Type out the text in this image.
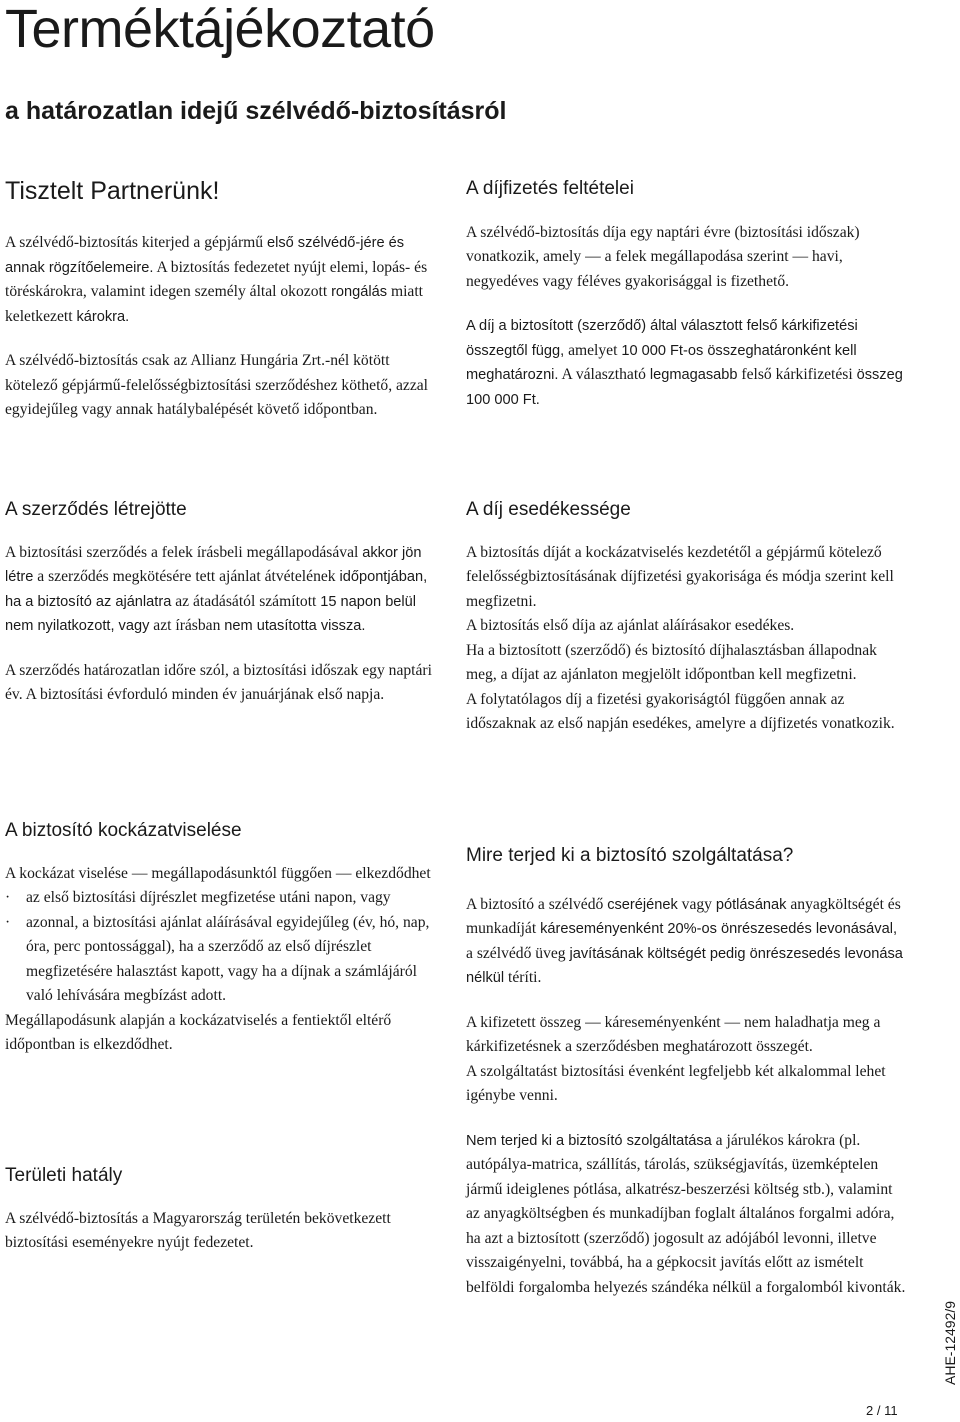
Terméktájékoztató
a határozatlan idejű szélvédő-biztosításról
Tisztelt Partnerünk!

A szélvédő-biztosítás kiterjed a gépjármű első szélvédő-jére és annak rögzítőelemeire. A biztosítás fedezetet nyújt elemi, lopás- és töréskárokra, valamint idegen személy által okozott rongálás miatt keletkezett károkra.

A szélvédő-biztosítás csak az Allianz Hungária Zrt.-nél kötött kötelező gépjármű-felelősségbiztosítási szerződéshez köthető, azzal egyidejűleg vagy annak hatálybalépését követő időpontban.

A szerződés létrejötte

A biztosítási szerződés a felek írásbeli megállapodásával akkor jön létre a szerződés megkötésére tett ajánlat átvételének időpontjában, ha a biztosító az ajánlatra az átadásától számított 15 napon belül nem nyilatkozott, vagy azt írásban nem utasította vissza.

A szerződés határozatlan időre szól, a biztosítási időszak egy naptári év. A biztosítási évforduló minden év januárjának első napja.

A biztosító kockázatviselése

A kockázat viselése — megállapodásunktól függően — elkezdődhet

· az első biztosítási díjrészlet megfizetése utáni napon, vagy
· azonnal, a biztosítási ajánlat aláírásával egyidejűleg (év, hó, nap, óra, perc pontossággal), ha a szerződő az első díjrészlet megfizetésére halasztást kapott, vagy ha a díjnak a számlájáról való lehívására megbízást adott.

Megállapodásunk alapján a kockázatviselés a fentiektől eltérő időpontban is elkezdődhet.

Területi hatály

A szélvédő-biztosítás a Magyarország területén bekövetkezett biztosítási eseményekre nyújt fedezetet.

A díjfizetés feltételei

A szélvédő-biztosítás díja egy naptári évre (biztosítási időszak) vonatkozik, amely — a felek megállapodása szerint — havi, negyedéves vagy féléves gyakorisággal is fizethető.

A díj a biztosított (szerződő) által választott felső kárkifizetési összegtől függ, amelyet 10 000 Ft-os összeghatáronként kell meghatározni. A választható legmagasabb felső kárkifizetési összeg 100 000 Ft.

A díj esedékessége

A biztosítás díját a kockázatviselés kezdetétől a gépjármű kötelező felelősségbiztosításának díjfizetési gyakorisága és módja szerint kell megfizetni.

A biztosítás első díja az ajánlat aláírásakor esedékes.

Ha a biztosított (szerződő) és biztosító díjhalasztásban állapodnak meg, a díjat az ajánlaton megjelölt időpontban kell megfizetni.

A folytatólagos díj a fizetési gyakoriságtól függően annak az időszaknak az első napján esedékes, amelyre a díjfizetés vonatkozik.

Mire terjed ki a biztosító szolgáltatása?

A biztosító a szélvédő cseréjének vagy pótlásának anyagköltségét és munkadíját káreseményenként 20%-os önrészesedés levonásával, a szélvédő üveg javításának költségét pedig önrészesedés levonása nélkül téríti.

A kifizetett összeg — káreseményenként — nem haladhatja meg a kárkifizetésnek a szerződésben meghatározott összegét.

A szolgáltatást biztosítási évenként legfeljebb két alkalommal lehet igénybe venni.

Nem terjed ki a biztosító szolgáltatása a járulékos károkra (pl. autópálya-matrica, szállítás, tárolás, szükségjavítás, üzemképtelen jármű ideiglenes pótlása, alkatrész-beszerzési költség stb.), valamint az anyagköltségben és munkadíjban foglalt általános forgalmi adóra, ha azt a biztosított (szerződő) jogosult az adójából levonni, illetve visszaigényelni, továbbá, ha a gépkocsit javítás előtt az ismételt belföldi forgalomba helyezés szándéka nélkül a forgalomból kivonták.

AHE-12492/9
2 / 11
